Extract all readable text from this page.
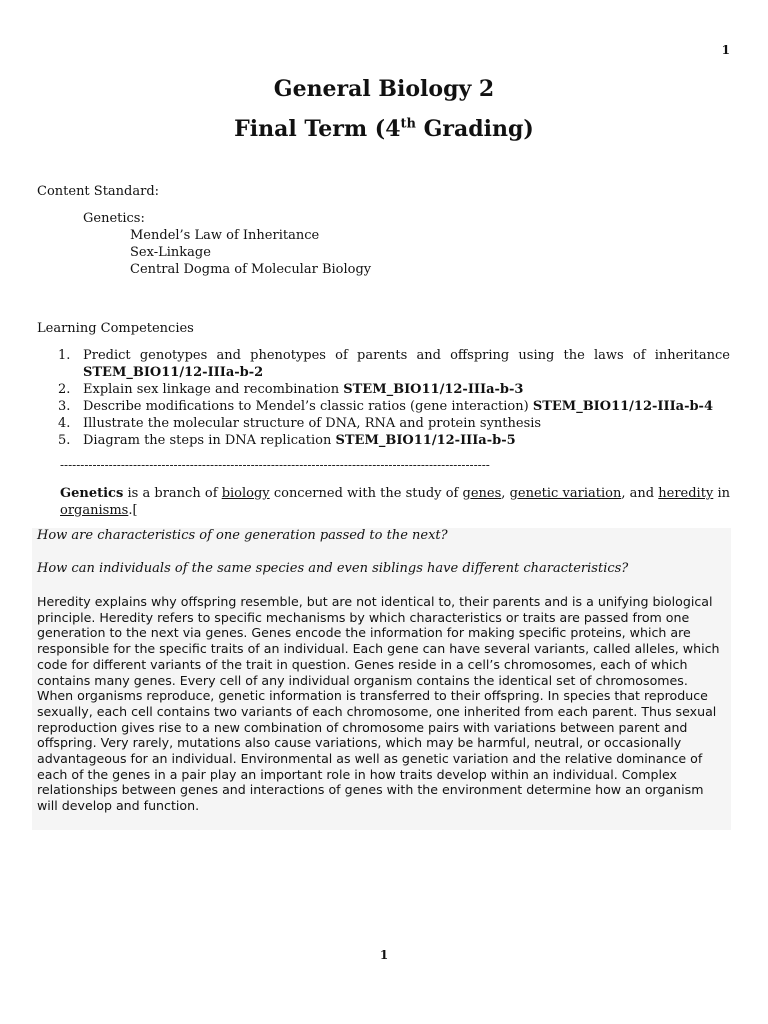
1
General Biology 2
Final Term (4th Grading)
Content Standard:
Genetics:
Mendel’s Law of Inheritance
Sex-Linkage
Central Dogma of Molecular Biology
Learning Competencies
1. Predict genotypes and phenotypes of parents and offspring using the laws of inheritance STEM_BIO11/12-IIIa-b-2
2. Explain sex linkage and recombination STEM_BIO11/12-IIIa-b-3
3. Describe modifications to Mendel’s classic ratios (gene interaction) STEM_BIO11/12-IIIa-b-4
4. Illustrate the molecular structure of DNA, RNA and protein synthesis
5. Diagram the steps in DNA replication STEM_BIO11/12-IIIa-b-5
----------------------------------------------------------------------------------------------------------
Genetics is a branch of biology concerned with the study of genes, genetic variation, and heredity in organisms.[
How are characteristics of one generation passed to the next?
How can individuals of the same species and even siblings have different characteristics?
Heredity explains why offspring resemble, but are not identical to, their parents and is a unifying biological principle. Heredity refers to specific mechanisms by which characteristics or traits are passed from one generation to the next via genes. Genes encode the information for making specific proteins, which are responsible for the specific traits of an individual. Each gene can have several variants, called alleles, which code for different variants of the trait in question. Genes reside in a cell’s chromosomes, each of which contains many genes. Every cell of any individual organism contains the identical set of chromosomes. When organisms reproduce, genetic information is transferred to their offspring. In species that reproduce sexually, each cell contains two variants of each chromosome, one inherited from each parent. Thus sexual reproduction gives rise to a new combination of chromosome pairs with variations between parent and offspring. Very rarely, mutations also cause variations, which may be harmful, neutral, or occasionally advantageous for an individual. Environmental as well as genetic variation and the relative dominance of each of the genes in a pair play an important role in how traits develop within an individual. Complex relationships between genes and interactions of genes with the environment determine how an organism will develop and function.
1
